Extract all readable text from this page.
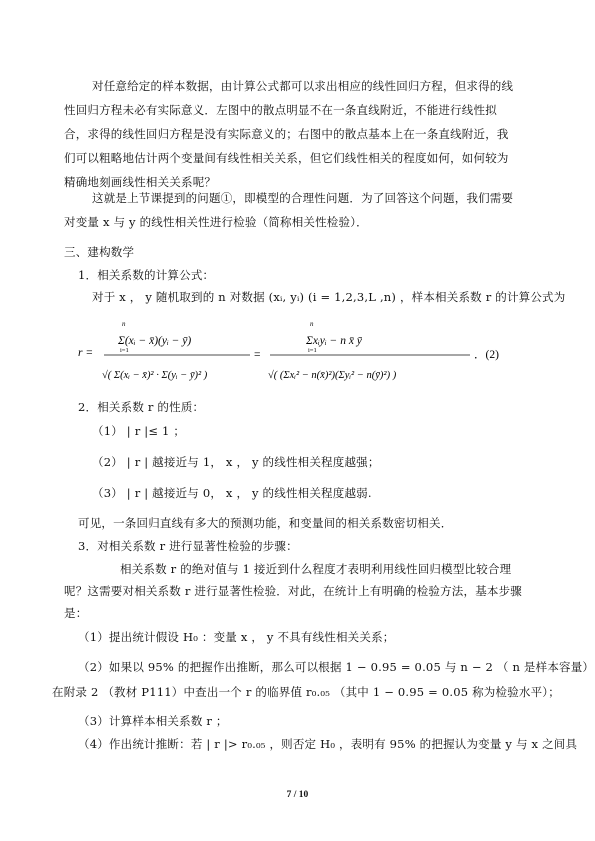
对任意给定的样本数据，由计算公式都可以求出相应的线性回归方程，但求得的线
性回归方程未必有实际意义．左图中的散点明显不在一条直线附近，不能进行线性拟
合，求得的线性回归方程是没有实际意义的；右图中的散点基本上在一条直线附近，我
们可以粗略地估计两个变量间有线性相关关系，但它们线性相关的程度如何，如何较为
精确地刻画线性相关关系呢？
这就是上节课提到的问题①，即模型的合理性问题．为了回答这个问题，我们需要
对变量 x 与 y 的线性相关性进行检验（简称相关性检验）．
三、建构数学
1．相关系数的计算公式：
对于 x ， y 随机取到的 n 对数据 (xᵢ, yᵢ) (i = 1,2,3,L ,n) ，样本相关系数 r 的计算公式为
r =
n
Σ(xᵢ − x̄)(yᵢ − ȳ)
i=1
√( Σ(xᵢ − x̄)² · Σ(yᵢ − ȳ)² )
=
n
Σxᵢyᵢ − n x̄ ȳ
i=1
√( (Σxᵢ² − n(x̄)²)(Σyᵢ² − n(ȳ)²) )
．(2)
2．相关系数 r 的性质：
（1） | r |≤ 1 ；
（2） | r | 越接近与 1， x ， y 的线性相关程度越强；
（3） | r | 越接近与 0， x ， y 的线性相关程度越弱.
可见，一条回归直线有多大的预测功能，和变量间的相关系数密切相关．
3．对相关系数 r 进行显著性检验的步骤：
相关系数 r 的绝对值与 1 接近到什么程度才表明利用线性回归模型比较合理
呢？这需要对相关系数 r 进行显著性检验．对此，在统计上有明确的检验方法，基本步骤
是：
（1）提出统计假设 H₀ ：变量 x ， y 不具有线性相关关系；
（2）如果以 95% 的把握作出推断，那么可以根据 1 − 0.95 = 0.05 与 n − 2 （ n 是样本容量）
在附录 2 （教材 P111）中查出一个 r 的临界值 r₀.₀₅ （其中 1 − 0.95 = 0.05 称为检验水平）；
（3）计算样本相关系数 r ；
（4）作出统计推断：若 | r |> r₀.₀₅ ，则否定 H₀ ，表明有 95% 的把握认为变量 y 与 x 之间具
7 / 10
